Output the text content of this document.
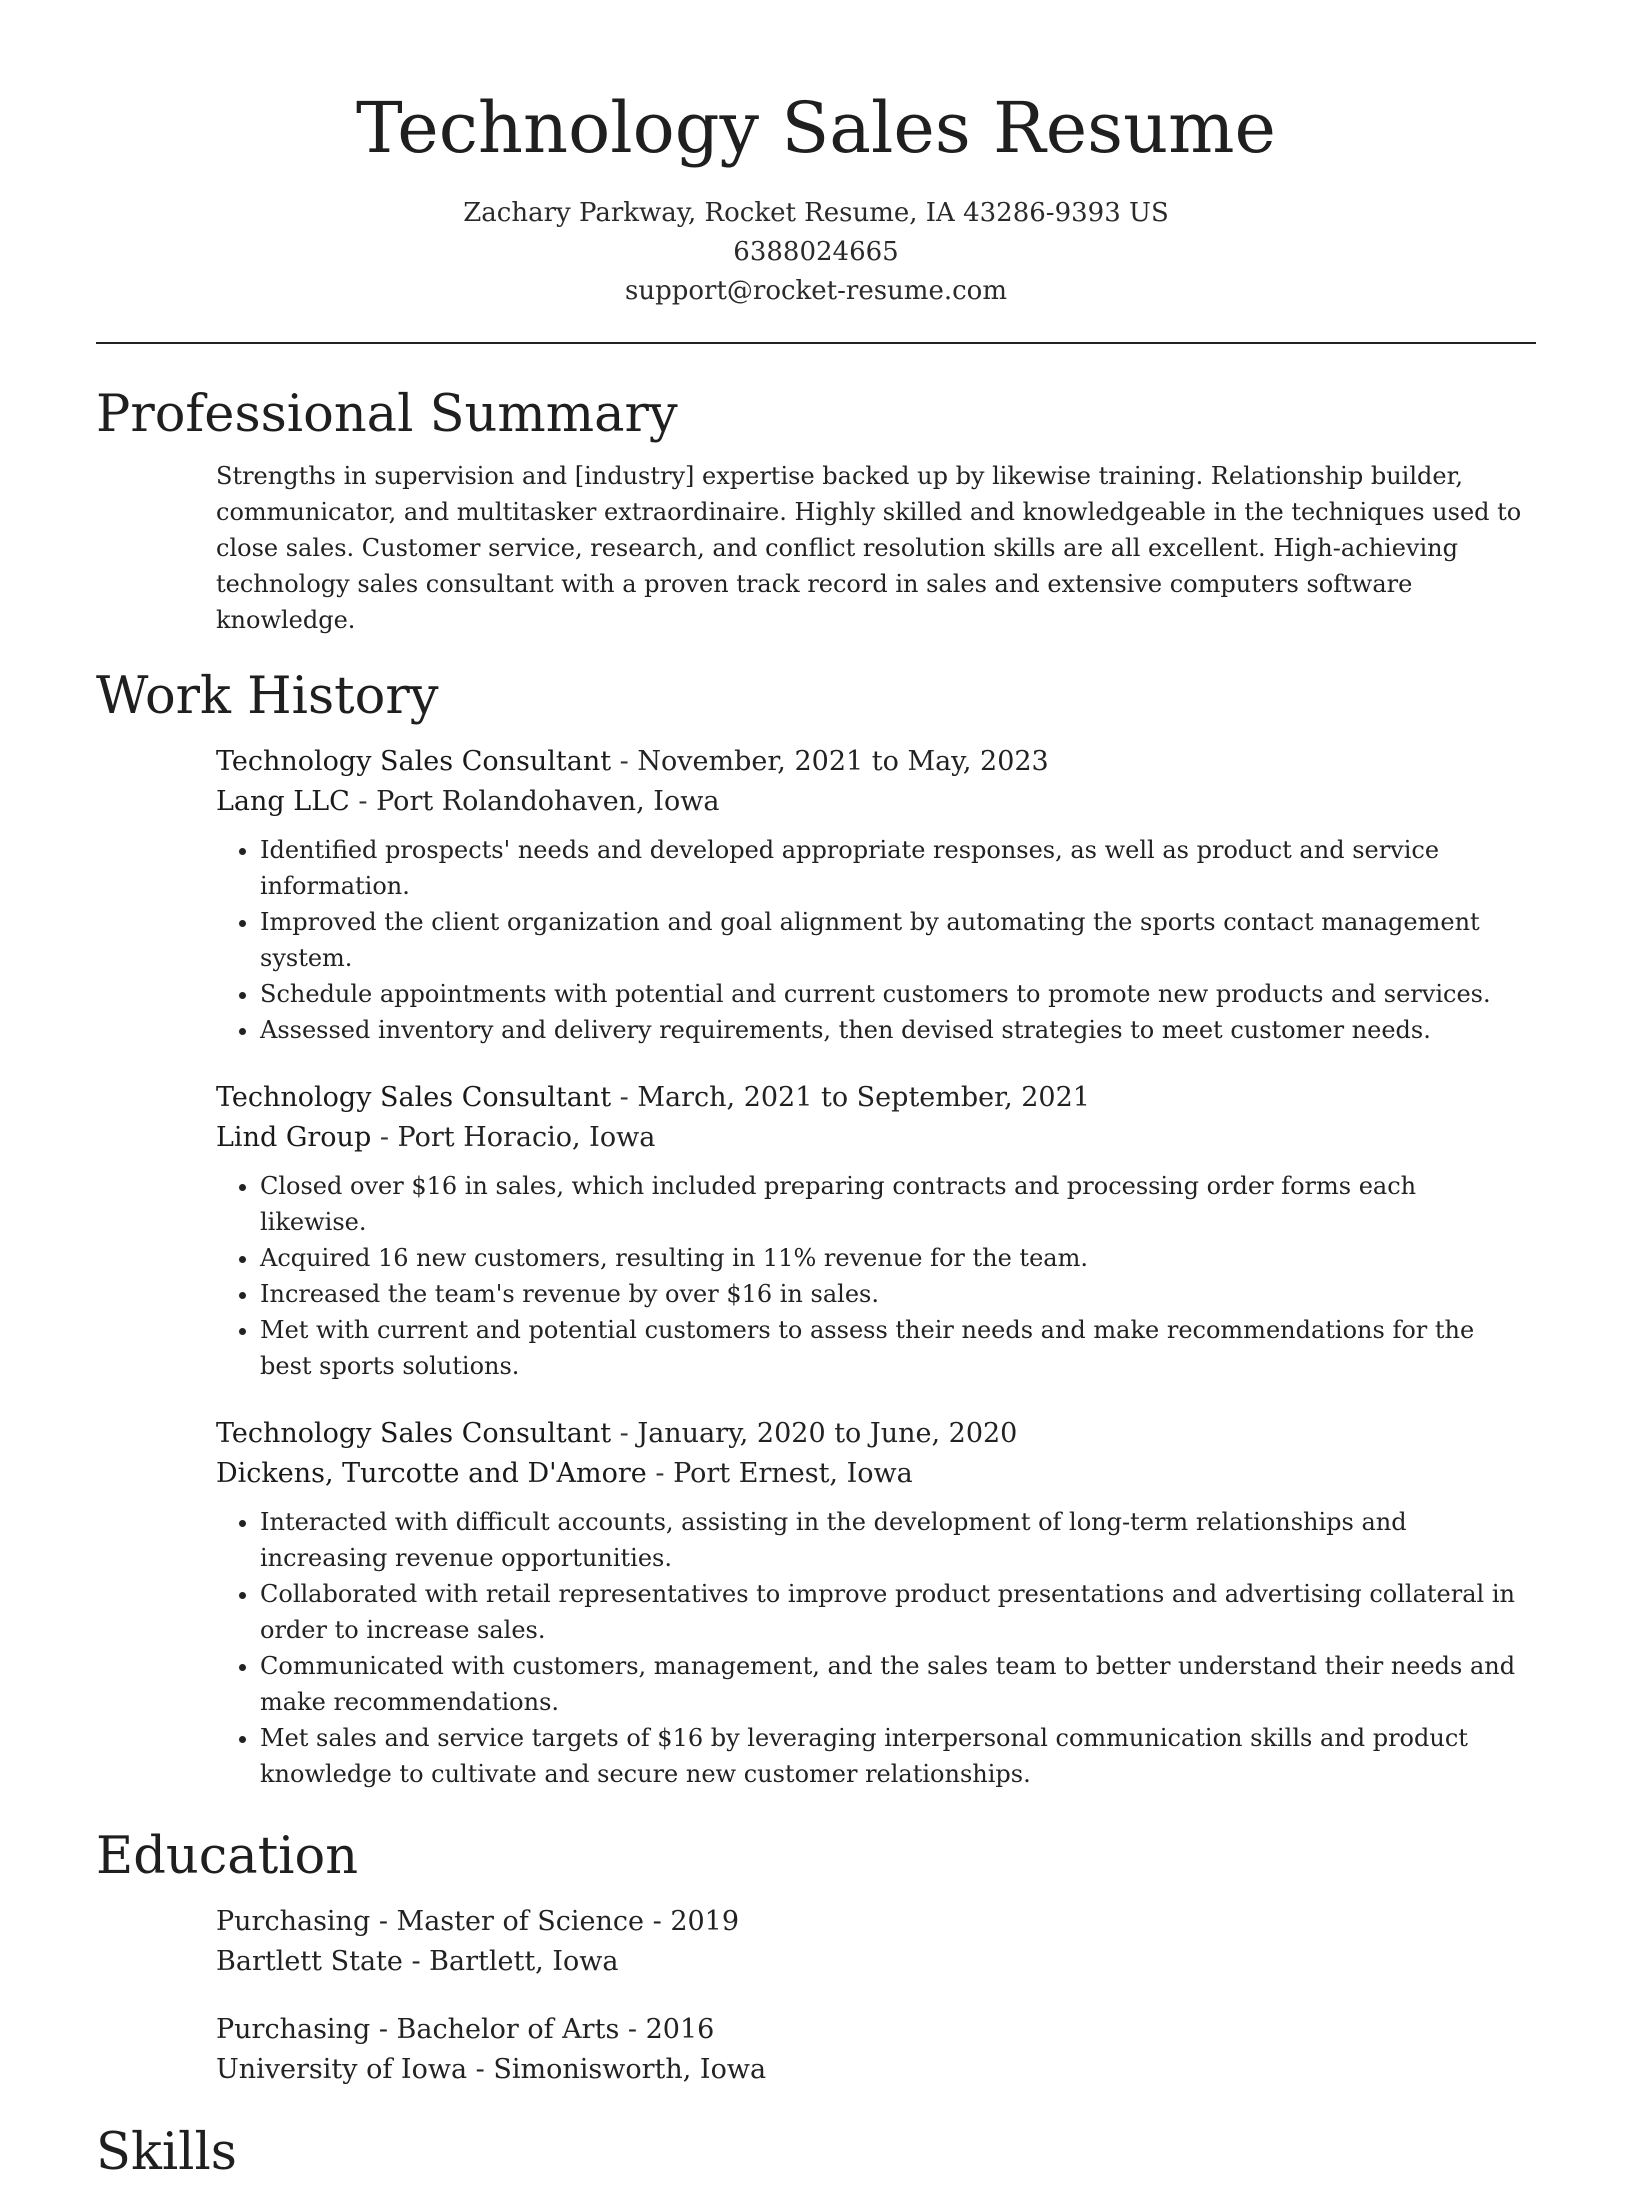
Technology Sales Resume
Zachary Parkway, Rocket Resume, IA 43286-9393 US
6388024665
support@rocket-resume.com
Professional Summary

Strengths in supervision and [industry] expertise backed up by likewise training. Relationship builder, communicator, and multitasker extraordinaire. Highly skilled and knowledgeable in the techniques used to close sales. Customer service, research, and conflict resolution skills are all excellent. High-achieving technology sales consultant with a proven track record in sales and extensive computers software knowledge.

Work History
Technology Sales Consultant - November, 2021 to May, 2023
Lang LLC - Port Rolandohaven, Iowa
• Identified prospects' needs and developed appropriate responses, as well as product and service information.
• Improved the client organization and goal alignment by automating the sports contact management system.
• Schedule appointments with potential and current customers to promote new products and services.
• Assessed inventory and delivery requirements, then devised strategies to meet customer needs.
Technology Sales Consultant - March, 2021 to September, 2021
Lind Group - Port Horacio, Iowa
• Closed over $16 in sales, which included preparing contracts and processing order forms each likewise.
• Acquired 16 new customers, resulting in 11% revenue for the team.
• Increased the team's revenue by over $16 in sales.
• Met with current and potential customers to assess their needs and make recommendations for the best sports solutions.
Technology Sales Consultant - January, 2020 to June, 2020
Dickens, Turcotte and D'Amore - Port Ernest, Iowa
• Interacted with difficult accounts, assisting in the development of long-term relationships and increasing revenue opportunities.
• Collaborated with retail representatives to improve product presentations and advertising collateral in order to increase sales.
• Communicated with customers, management, and the sales team to better understand their needs and make recommendations.
• Met sales and service targets of $16 by leveraging interpersonal communication skills and product knowledge to cultivate and secure new customer relationships.
Education
Purchasing - Master of Science - 2019
Bartlett State - Bartlett, Iowa
Purchasing - Bachelor of Arts - 2016
University of Iowa - Simonisworth, Iowa
Skills
